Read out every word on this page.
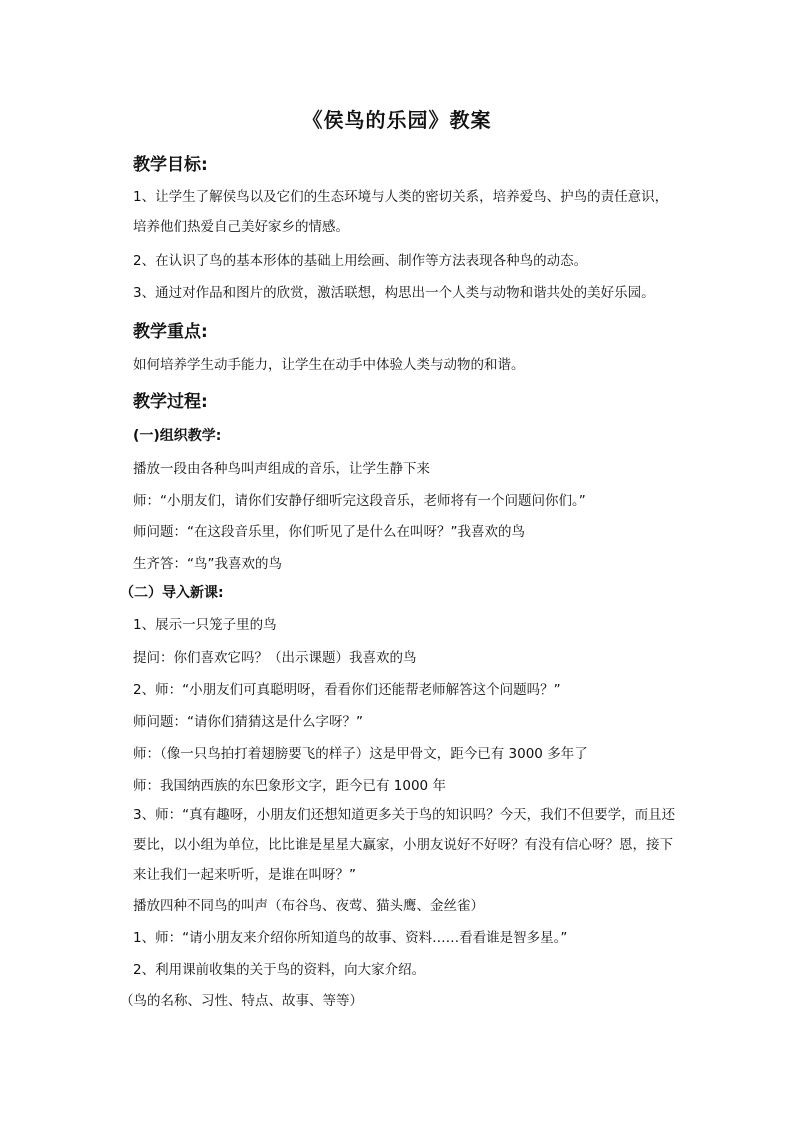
《侯鸟的乐园》教案
教学目标:
1、让学生了解侯鸟以及它们的生态环境与人类的密切关系，培养爱鸟、护鸟的责任意识，培养他们热爱自己美好家乡的情感。
2、在认识了鸟的基本形体的基础上用绘画、制作等方法表现各种鸟的动态。
3、通过对作品和图片的欣赏，激活联想，构思出一个人类与动物和谐共处的美好乐园。
教学重点:
如何培养学生动手能力，让学生在动手中体验人类与动物的和谐。
教学过程:
(一)组织教学:
播放一段由各种鸟叫声组成的音乐，让学生静下来
师：“小朋友们，请你们安静仔细听完这段音乐，老师将有一个问题问你们。”
师问题：“在这段音乐里，你们听见了是什么在叫呀？”我喜欢的鸟
生齐答：“鸟”我喜欢的鸟
（二）导入新课:
1、展示一只笼子里的鸟
提问：你们喜欢它吗？（出示课题）我喜欢的鸟
2、师：“小朋友们可真聪明呀，看看你们还能帮老师解答这个问题吗？”
师问题：“请你们猜猜这是什么字呀？”
师：（像一只鸟拍打着翅膀要飞的样子）这是甲骨文，距今已有 3000 多年了
师：我国纳西族的东巴象形文字，距今已有 1000 年
3、师：“真有趣呀，小朋友们还想知道更多关于鸟的知识吗？今天，我们不但要学，而且还要比，以小组为单位，比比谁是星星大赢家，小朋友说好不好呀？有没有信心呀？恩，接下来让我们一起来听听，是谁在叫呀？”
播放四种不同鸟的叫声（布谷鸟、夜莺、猫头鹰、金丝雀）
1、师：“请小朋友来介绍你所知道鸟的故事、资料……看看谁是智多星。”
2、利用课前收集的关于鸟的资料，向大家介绍。
（鸟的名称、习性、特点、故事、等等）
